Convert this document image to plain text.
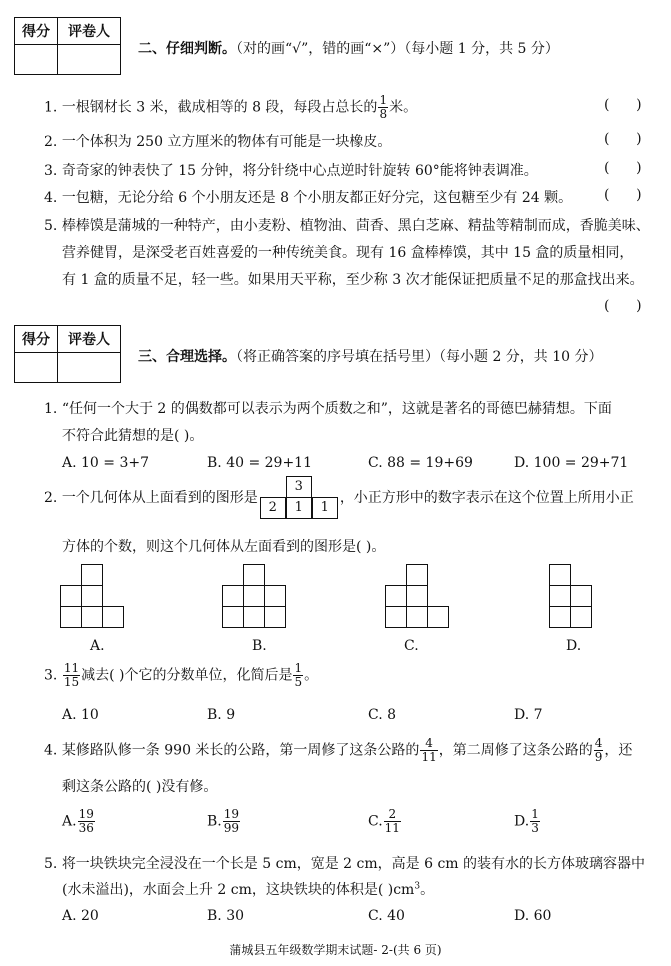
得分	评卷人

二、仔细判断。（对的画“√”，错的画“×”）（每小题 1 分，共 5 分）
1. 一根钢材长 3 米，截成相等的 8 段，每段占总长的 $\frac{1}{8}$ 米。	(      )
2. 一个体积为 250 立方厘米的物体有可能是一块橡皮。	(      )
3. 奇奇家的钟表快了 15 分钟，将分针绕中心点逆时针旋转 60°能将钟表调准。	(      )
4. 一包糖，无论分给 6 个小朋友还是 8 个小朋友都正好分完，这包糖至少有 24 颗。 (      )
5. 棒棒馍是蒲城的一种特产，由小麦粉、植物油、茴香、黑白芝麻、精盐等精制而成，香脆美味、
营养健胃，是深受老百姓喜爱的一种传统美食。现有 16 盒棒棒馍，其中 15 盒的质量相同，
有 1 盒的质量不足，轻一些。如果用天平称，至少称 3 次才能保证把质量不足的那盒找出来。
(      )
得分	评卷人

三、合理选择。（将正确答案的序号填在括号里）（每小题 2 分，共 10 分）
1. “任何一个大于 2 的偶数都可以表示为两个质数之和”，这就是著名的哥德巴赫猜想。下面
不符合此猜想的是( )。
A. 10 = 3+7	B. 40 = 29+11	C. 88 = 19+69	D. 100 = 29+71
2. 一个几何体从上面看到的图形是
3
2	1	1
，小正方形中的数字表示在这个位置上所用小正
方体的个数，则这个几何体从左面看到的图形是( )。
A.	B.	C.	D.
3. $\frac{11}{15}$ 减去( )个它的分数单位，化简后是 $\frac{1}{5}$ 。
A. 10	B. 9	C. 8	D. 7
4. 某修路队修一条 990 米长的公路，第一周修了这条公路的 $\frac{4}{11}$ ，第二周修了这条公路的 $\frac{4}{9}$ ，还
剩这条公路的( )没有修。
A. $\frac{19}{36}$	B. $\frac{19}{99}$	C. $\frac{2}{11}$	D. $\frac{1}{3}$
5. 将一块铁块完全浸没在一个长是 5 cm，宽是 2 cm，高是 6 cm 的装有水的长方体玻璃容器中
(水未溢出)，水面会上升 2 cm，这块铁块的体积是( )$cm^3$。
A. 20	B. 30	C. 40	D. 60
蒲城县五年级数学期末试题- 2-(共 6 页)
